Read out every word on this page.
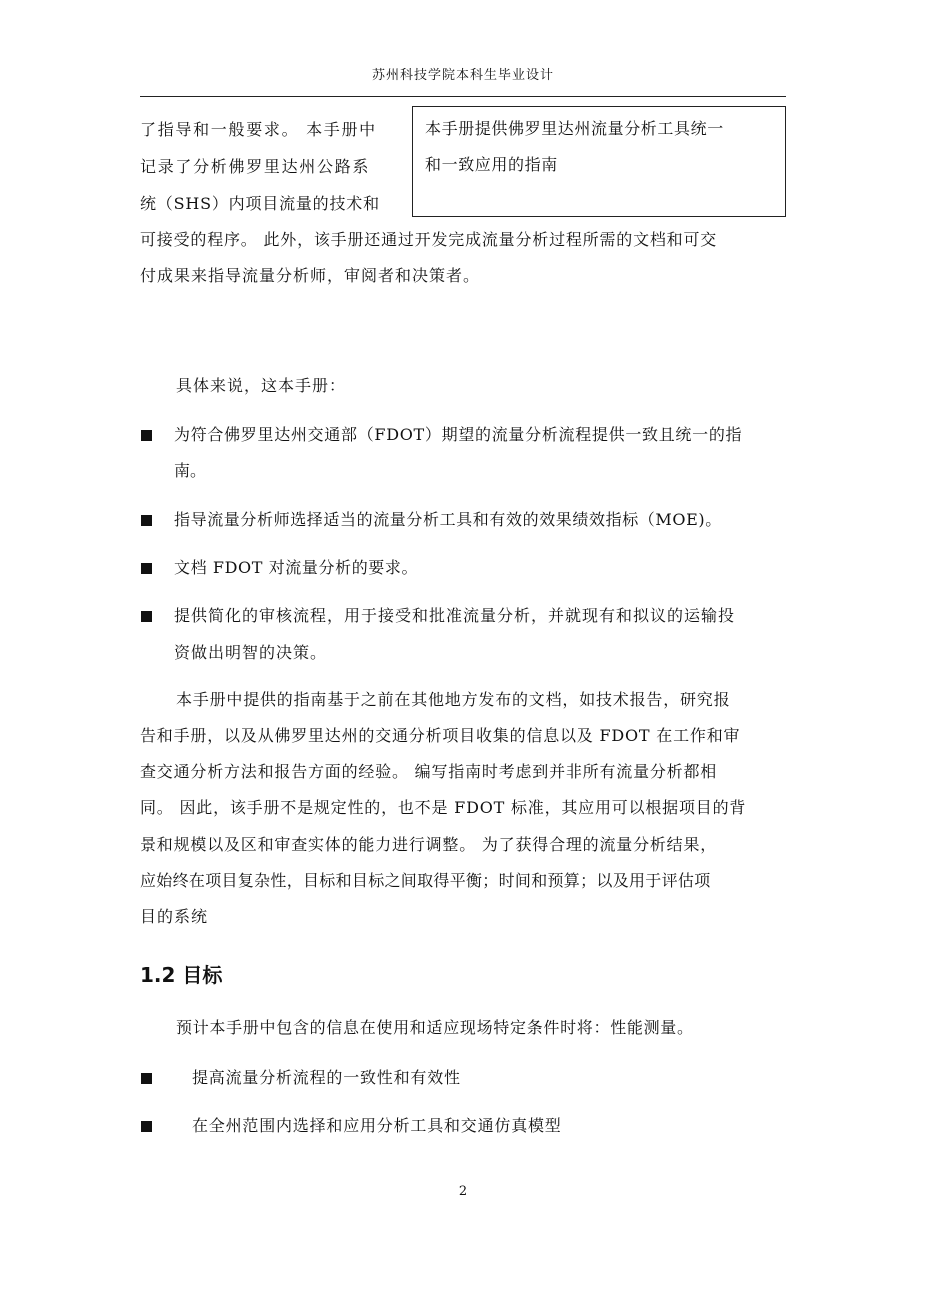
苏州科技学院本科生毕业设计
本手册提供佛罗里达州流量分析工具统一
和一致应用的指南
了指导和一般要求。 本手册中
记录了分析佛罗里达州公路系
统（SHS）内项目流量的技术和
可接受的程序。 此外，该手册还通过开发完成流量分析过程所需的文档和可交
付成果来指导流量分析师，审阅者和决策者。
具体来说，这本手册：
为符合佛罗里达州交通部（FDOT）期望的流量分析流程提供一致且统一的指
南。
指导流量分析师选择适当的流量分析工具和有效的效果绩效指标（MOE)。
文档 FDOT 对流量分析的要求。
提供简化的审核流程，用于接受和批准流量分析，并就现有和拟议的运输投
资做出明智的决策。
本手册中提供的指南基于之前在其他地方发布的文档，如技术报告，研究报
告和手册，以及从佛罗里达州的交通分析项目收集的信息以及 FDOT 在工作和审
查交通分析方法和报告方面的经验。 编写指南时考虑到并非所有流量分析都相
同。 因此，该手册不是规定性的，也不是 FDOT 标准，其应用可以根据项目的背
景和规模以及区和审查实体的能力进行调整。 为了获得合理的流量分析结果，
应始终在项目复杂性，目标和目标之间取得平衡；时间和预算；以及用于评估项
目的系统
1.2 目标
预计本手册中包含的信息在使用和适应现场特定条件时将：性能测量。
提高流量分析流程的一致性和有效性
在全州范围内选择和应用分析工具和交通仿真模型
2
